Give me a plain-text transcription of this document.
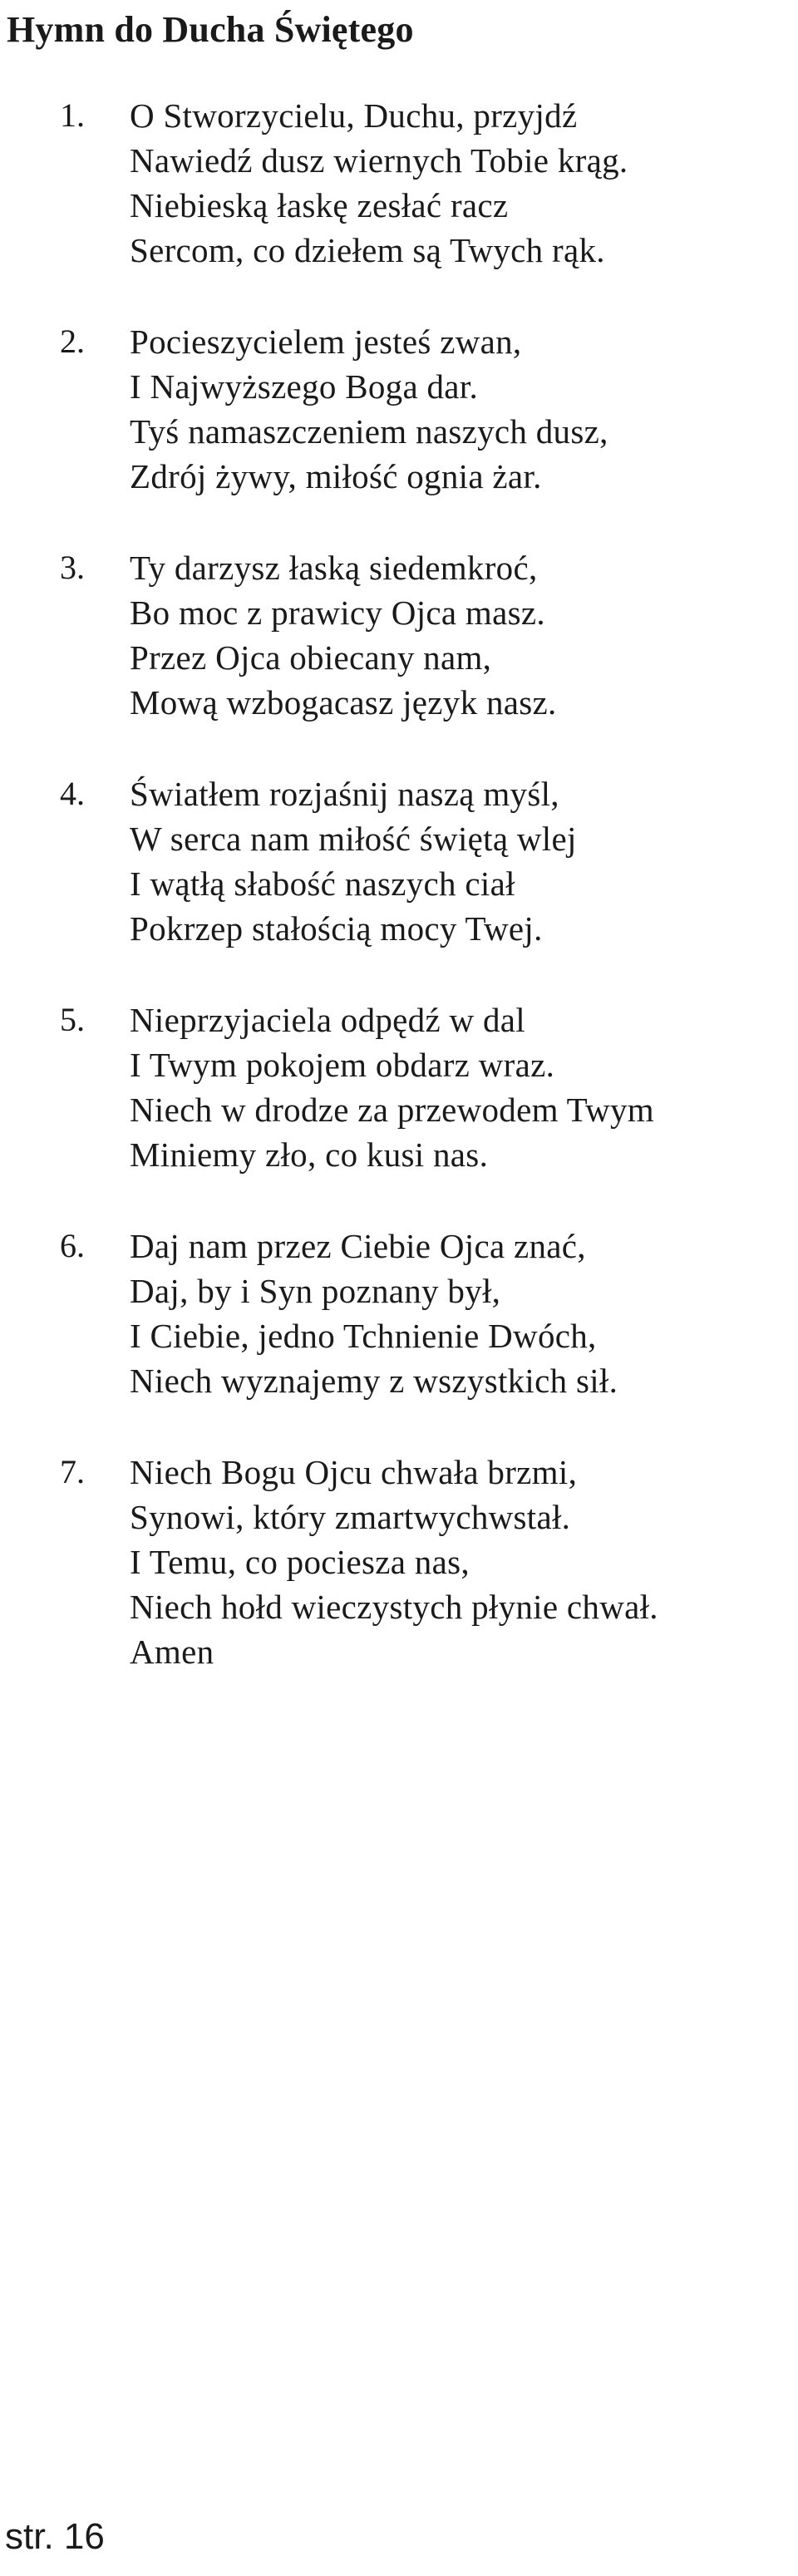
Hymn do Ducha Świętego
1. O Stworzycielu, Duchu, przyjdź
Nawiedź dusz wiernych Tobie krąg.
Niebieską łaskę zesłać racz
Sercom, co dziełem są Twych rąk.
2. Pocieszycielem jesteś zwan,
I Najwyższego Boga dar.
Tyś namaszczeniem naszych dusz,
Zdrój żywy, miłość ognia żar.
3. Ty darzysz łaską siedemkroć,
Bo moc z prawicy Ojca masz.
Przez Ojca obiecany nam,
Mową wzbogacasz język nasz.
4. Światłem rozjaśnij naszą myśl,
W serca nam miłość świętą wlej
I wątłą słabość naszych ciał
Pokrzep stałością mocy Twej.
5. Nieprzyjaciela odpędź w dal
I Twym pokojem obdarz wraz.
Niech w drodze za przewodem Twym
Miniemy zło, co kusi nas.
6. Daj nam przez Ciebie Ojca znać,
Daj, by i Syn poznany był,
I Ciebie, jedno Tchnienie Dwóch,
Niech wyznajemy z wszystkich sił.
7. Niech Bogu Ojcu chwała brzmi,
Synowi, który zmartwychwstał.
I Temu, co pociesza nas,
Niech hołd wieczystych płynie chwał.
Amen
str. 16
